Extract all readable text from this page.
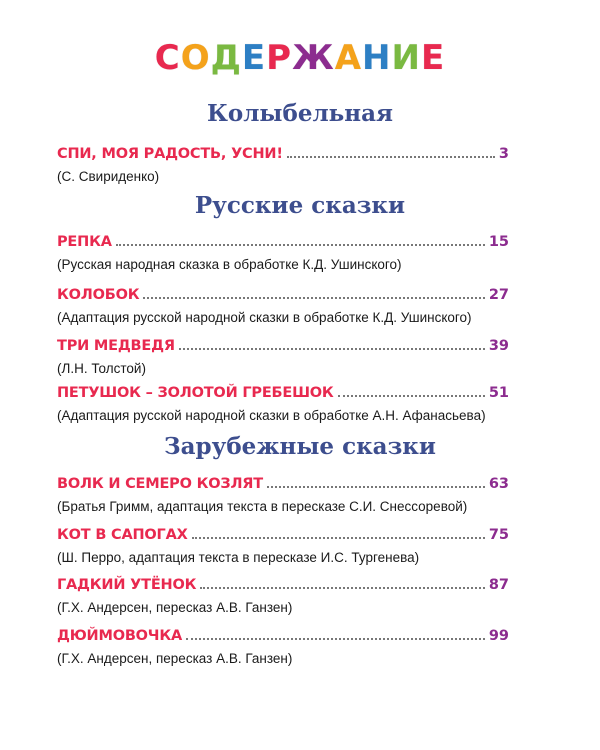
СОДЕРЖАНИЕ
Колыбельная
СПИ, МОЯ РАДОСТЬ, УСНИ!	3
(С. Свириденко)
Русские сказки
РЕПКА	15
(Русская народная сказка в обработке К.Д. Ушинского)
КОЛОБОК	27
(Адаптация русской народной сказки в обработке К.Д. Ушинского)
ТРИ МЕДВЕДЯ	39
(Л.Н. Толстой)
ПЕТУШОК – ЗОЛОТОЙ ГРЕБЕШОК	51
(Адаптация русской народной сказки в обработке А.Н. Афанасьева)
Зарубежные сказки
ВОЛК И СЕМЕРО КОЗЛЯТ	63
(Братья Гримм, адаптация текста в пересказе С.И. Снессоревой)
КОТ В САПОГАХ	75
(Ш. Перро, адаптация текста в пересказе И.С. Тургенева)
ГАДКИЙ УТЁНОК	87
(Г.Х. Андерсен, пересказ А.В. Ганзен)
ДЮЙМОВОЧКА	99
(Г.Х. Андерсен, пересказ А.В. Ганзен)
